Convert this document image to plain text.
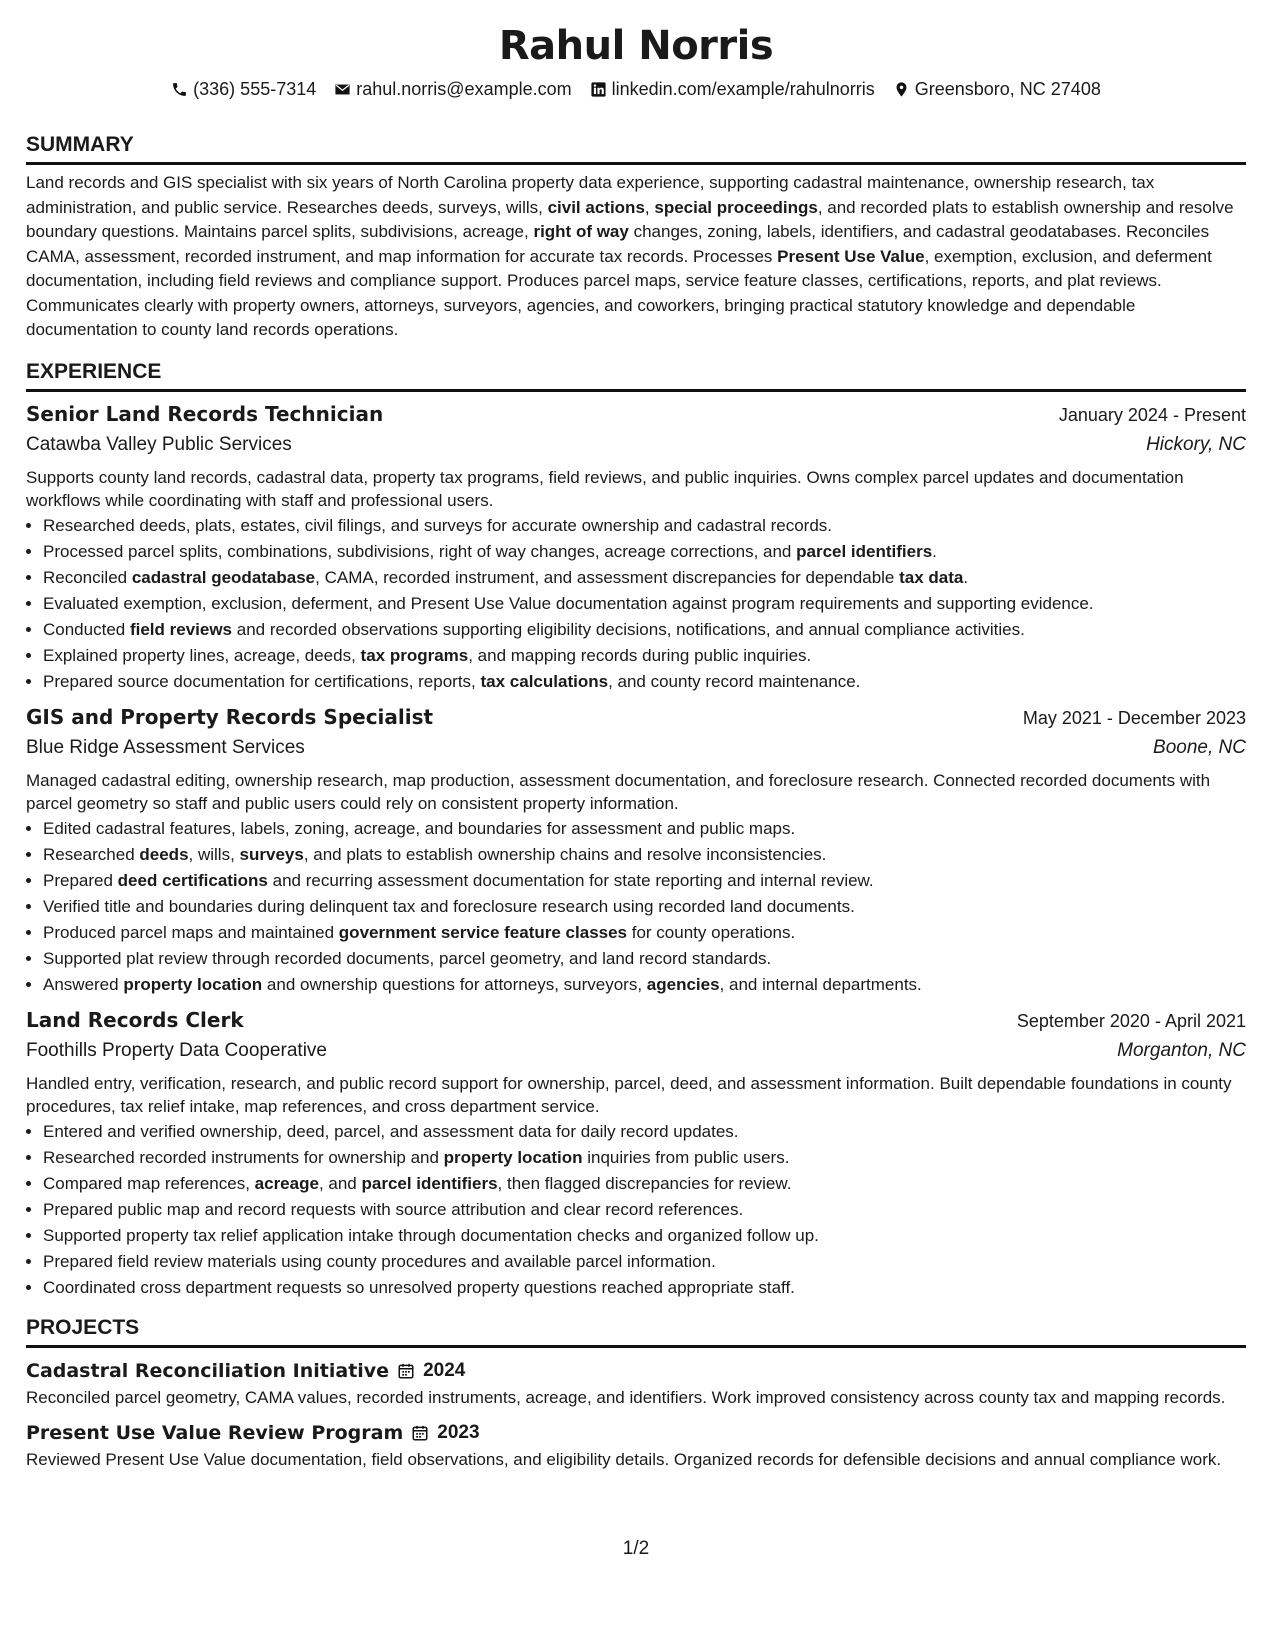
Rahul Norris
(336) 555-7314 rahul.norris@example.com linkedin.com/example/rahulnorris Greensboro, NC 27408
SUMMARY

Land records and GIS specialist with six years of North Carolina property data experience, supporting cadastral maintenance, ownership research, tax administration, and public service. Researches deeds, surveys, wills, civil actions, special proceedings, and recorded plats to establish ownership and resolve boundary questions. Maintains parcel splits, subdivisions, acreage, right of way changes, zoning, labels, identifiers, and cadastral geodatabases. Reconciles CAMA, assessment, recorded instrument, and map information for accurate tax records. Processes Present Use Value, exemption, exclusion, and deferment documentation, including field reviews and compliance support. Produces parcel maps, service feature classes, certifications, reports, and plat reviews. Communicates clearly with property owners, attorneys, surveyors, agencies, and coworkers, bringing practical statutory knowledge and dependable documentation to county land records operations.

EXPERIENCE
Senior Land Records Technician	January 2024 - Present
Catawba Valley Public Services	Hickory, NC

Supports county land records, cadastral data, property tax programs, field reviews, and public inquiries. Owns complex parcel updates and documentation workflows while coordinating with staff and professional users.

• Researched deeds, plats, estates, civil filings, and surveys for accurate ownership and cadastral records.
• Processed parcel splits, combinations, subdivisions, right of way changes, acreage corrections, and parcel identifiers.
• Reconciled cadastral geodatabase, CAMA, recorded instrument, and assessment discrepancies for dependable tax data.
• Evaluated exemption, exclusion, deferment, and Present Use Value documentation against program requirements and supporting evidence.
• Conducted field reviews and recorded observations supporting eligibility decisions, notifications, and annual compliance activities.
• Explained property lines, acreage, deeds, tax programs, and mapping records during public inquiries.
• Prepared source documentation for certifications, reports, tax calculations, and county record maintenance.
GIS and Property Records Specialist	May 2021 - December 2023
Blue Ridge Assessment Services	Boone, NC

Managed cadastral editing, ownership research, map production, assessment documentation, and foreclosure research. Connected recorded documents with parcel geometry so staff and public users could rely on consistent property information.

• Edited cadastral features, labels, zoning, acreage, and boundaries for assessment and public maps.
• Researched deeds, wills, surveys, and plats to establish ownership chains and resolve inconsistencies.
• Prepared deed certifications and recurring assessment documentation for state reporting and internal review.
• Verified title and boundaries during delinquent tax and foreclosure research using recorded land documents.
• Produced parcel maps and maintained government service feature classes for county operations.
• Supported plat review through recorded documents, parcel geometry, and land record standards.
• Answered property location and ownership questions for attorneys, surveyors, agencies, and internal departments.
Land Records Clerk	September 2020 - April 2021
Foothills Property Data Cooperative	Morganton, NC

Handled entry, verification, research, and public record support for ownership, parcel, deed, and assessment information. Built dependable foundations in county procedures, tax relief intake, map references, and cross department service.

• Entered and verified ownership, deed, parcel, and assessment data for daily record updates.
• Researched recorded instruments for ownership and property location inquiries from public users.
• Compared map references, acreage, and parcel identifiers, then flagged discrepancies for review.
• Prepared public map and record requests with source attribution and clear record references.
• Supported property tax relief application intake through documentation checks and organized follow up.
• Prepared field review materials using county procedures and available parcel information.
• Coordinated cross department requests so unresolved property questions reached appropriate staff.
PROJECTS
Cadastral Reconciliation Initiative 2024

Reconciled parcel geometry, CAMA values, recorded instruments, acreage, and identifiers. Work improved consistency across county tax and mapping records.

Present Use Value Review Program 2023

Reviewed Present Use Value documentation, field observations, and eligibility details. Organized records for defensible decisions and annual compliance work.

1/2
